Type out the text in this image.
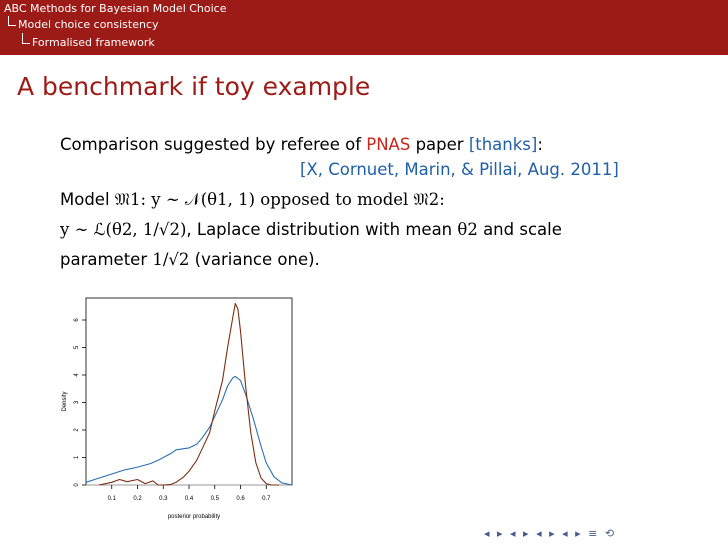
ABC Methods for Bayesian Model Choice
Model choice consistency
Formalised framework
A benchmark if toy example
Comparison suggested by referee of PNAS paper [thanks]:
[X, Cornuet, Marin, & Pillai, Aug. 2011]
Model 𝔐1: y ∼ 𝒩(θ1, 1) opposed to model 𝔐2:
y ∼ ℒ(θ2, 1/√2), Laplace distribution with mean θ2 and scale
parameter 1/√2 (variance one).
0.1	0.2	0.3	0.4	0.5	0.6	0.7
0
1
2
3
4
5
6
posterior probability
Density
◂ ▸ ◂ ▸ ◂ ▸ ◂ ▸ ≡ ⟲
